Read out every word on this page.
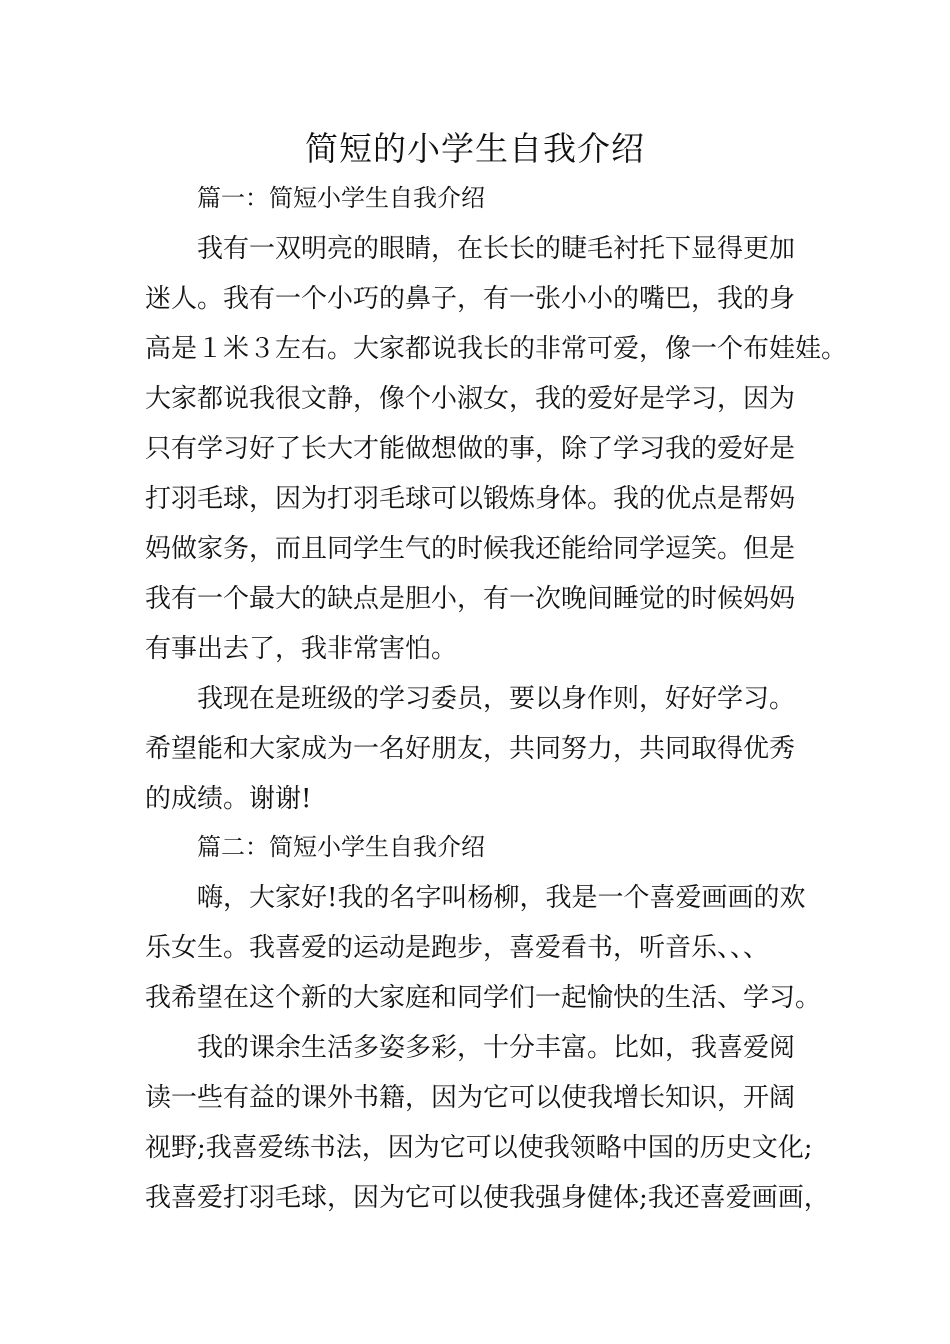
简短的小学生自我介绍

篇一：简短小学生自我介绍

我有一双明亮的眼睛，在长长的睫毛衬托下显得更加

迷人。我有一个小巧的鼻子，有一张小小的嘴巴，我的身

高是１米３左右。大家都说我长的非常可爱，像一个布娃娃。

大家都说我很文静，像个小淑女，我的爱好是学习，因为

只有学习好了长大才能做想做的事，除了学习我的爱好是

打羽毛球，因为打羽毛球可以锻炼身体。我的优点是帮妈

妈做家务，而且同学生气的时候我还能给同学逗笑。但是

我有一个最大的缺点是胆小，有一次晚间睡觉的时候妈妈

有事出去了，我非常害怕。

我现在是班级的学习委员，要以身作则，好好学习。

希望能和大家成为一名好朋友，共同努力，共同取得优秀

的成绩。谢谢!

篇二：简短小学生自我介绍

嗨，大家好!我的名字叫杨柳，我是一个喜爱画画的欢

乐女生。我喜爱的运动是跑步，喜爱看书，听音乐、、、

我希望在这个新的大家庭和同学们一起愉快的生活、学习。

我的课余生活多姿多彩，十分丰富。比如，我喜爱阅

读一些有益的课外书籍，因为它可以使我增长知识，开阔

视野;我喜爱练书法，因为它可以使我领略中国的历史文化;

我喜爱打羽毛球，因为它可以使我强身健体;我还喜爱画画，
